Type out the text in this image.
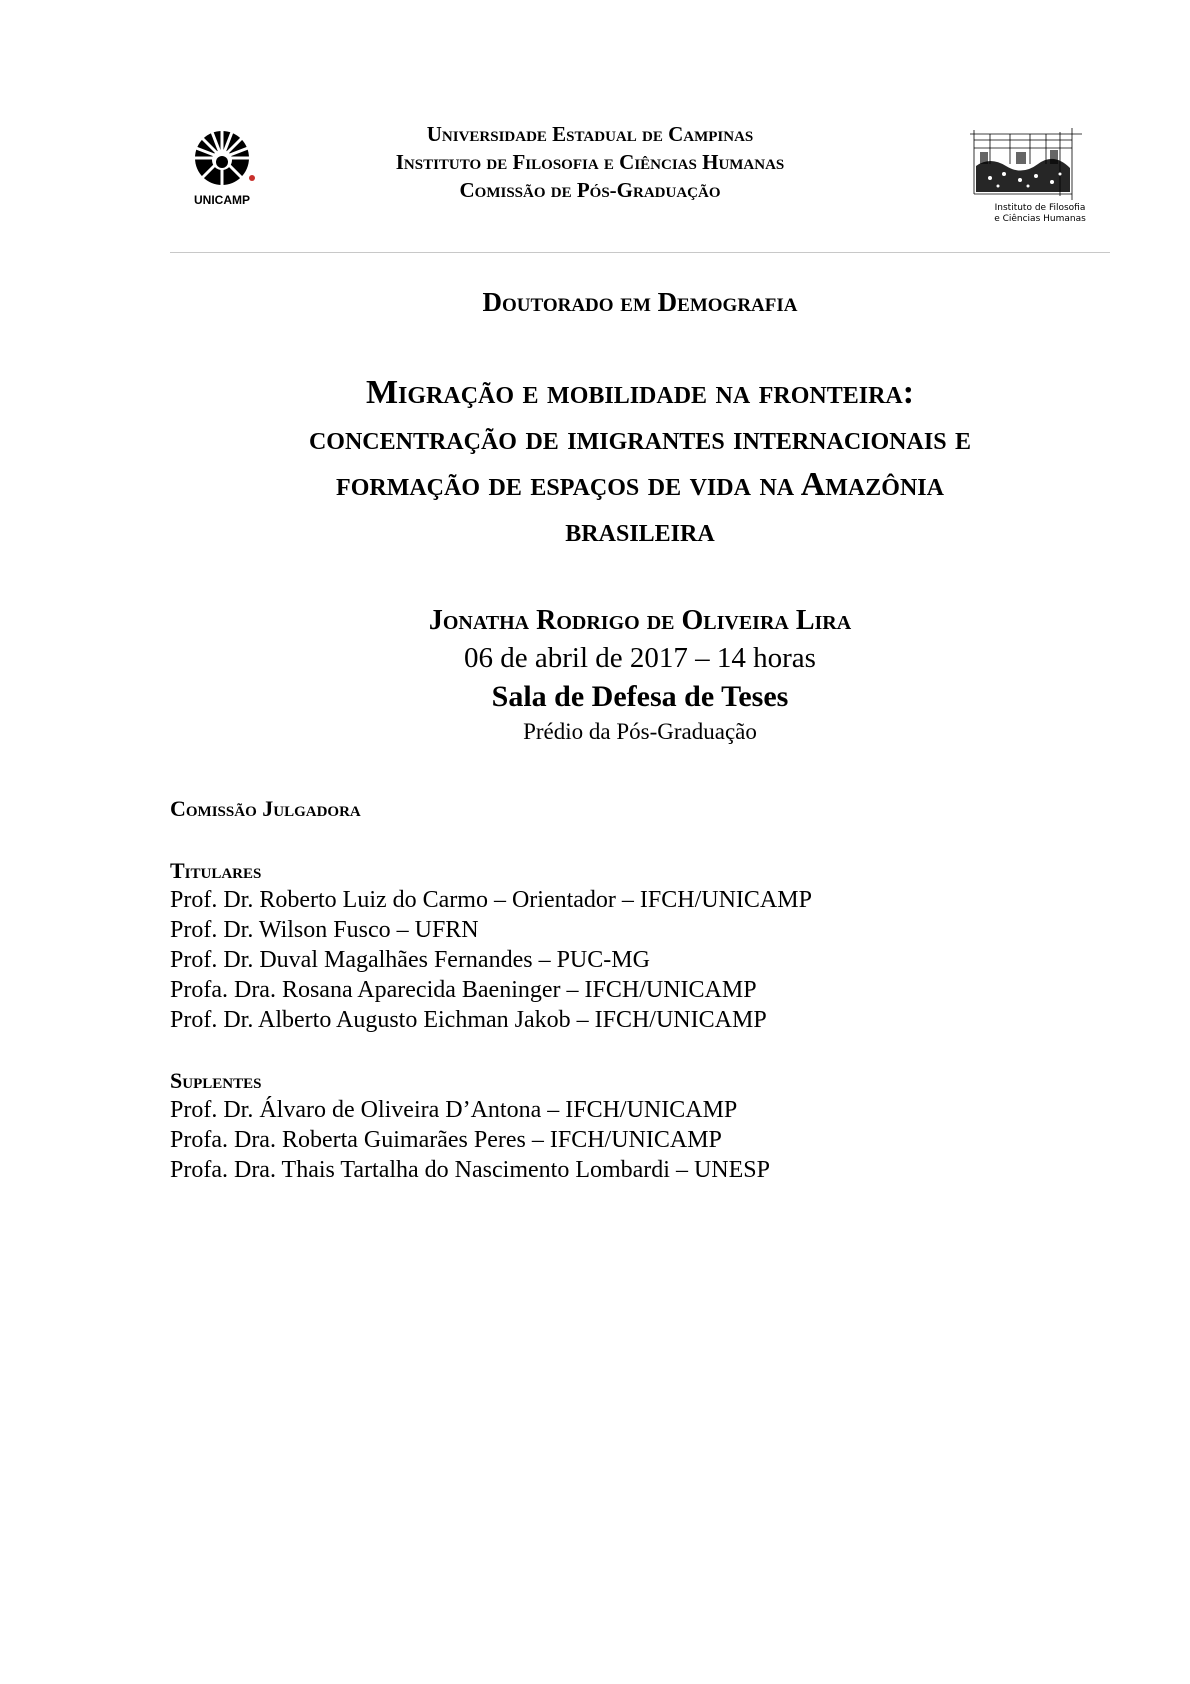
UNICAMP
Universidade Estadual de Campinas
Instituto de Filosofia e Ciências Humanas
Comissão de Pós-Graduação
Instituto de Filosofia
e Ciências Humanas
Doutorado em Demografia
Migração e mobilidade na fronteira:
concentração de imigrantes internacionais e
formação de espaços de vida na Amazônia
brasileira
Jonatha Rodrigo de Oliveira Lira
06 de abril de 2017 – 14 horas
Sala de Defesa de Teses
Prédio da Pós-Graduação
Comissão Julgadora
Titulares
Prof. Dr. Roberto Luiz do Carmo – Orientador – IFCH/UNICAMP
Prof. Dr. Wilson Fusco – UFRN
Prof. Dr. Duval Magalhães Fernandes – PUC-MG
Profa. Dra. Rosana Aparecida Baeninger – IFCH/UNICAMP
Prof. Dr. Alberto Augusto Eichman Jakob – IFCH/UNICAMP
Suplentes
Prof. Dr. Álvaro de Oliveira D’Antona – IFCH/UNICAMP
Profa. Dra. Roberta Guimarães Peres – IFCH/UNICAMP
Profa. Dra. Thais Tartalha do Nascimento Lombardi – UNESP
